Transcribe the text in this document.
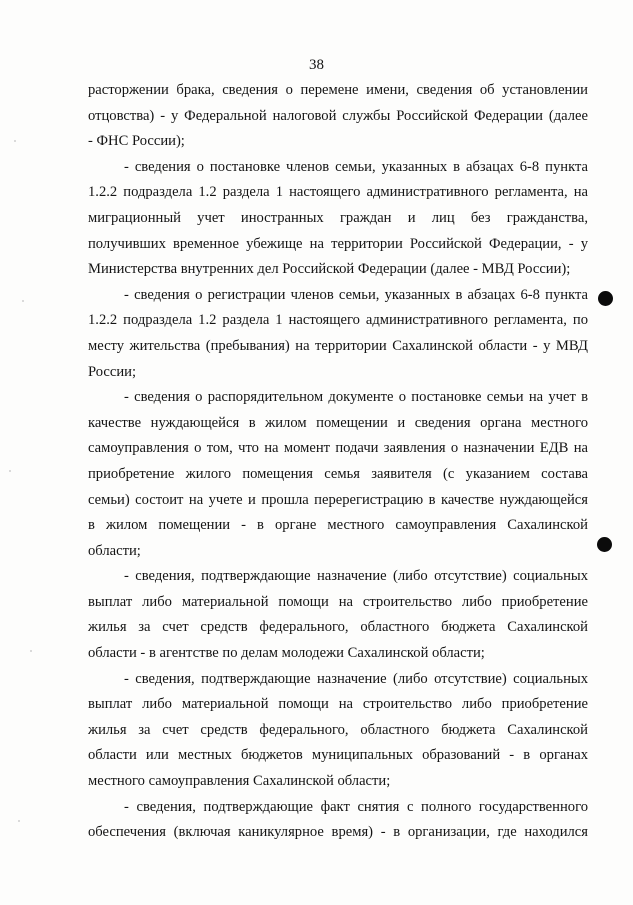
38

расторжении брака, сведения о перемене имени, сведения об установлении
отцовства) - у Федеральной налоговой службы Российской Федерации (далее
- ФНС России);

- сведения о постановке членов семьи, указанных в абзацах 6-8 пункта
1.2.2 подраздела 1.2 раздела 1 настоящего административного регламента, на
миграционный учет иностранных граждан и лиц без гражданства,
получивших временное убежище на территории Российской Федерации, - у
Министерства внутренних дел Российской Федерации (далее - МВД России);

- сведения о регистрации членов семьи, указанных в абзацах 6-8 пункта
1.2.2 подраздела 1.2 раздела 1 настоящего административного регламента, по
месту жительства (пребывания) на территории Сахалинской области - у МВД
России;

- сведения о распорядительном документе о постановке семьи на учет в
качестве нуждающейся в жилом помещении и сведения органа местного
самоуправления о том, что на момент подачи заявления о назначении ЕДВ на
приобретение жилого помещения семья заявителя (с указанием состава
семьи) состоит на учете и прошла перерегистрацию в качестве нуждающейся
в жилом помещении - в органе местного самоуправления Сахалинской
области;

- сведения, подтверждающие назначение (либо отсутствие) социальных
выплат либо материальной помощи на строительство либо приобретение
жилья за счет средств федерального, областного бюджета Сахалинской
области - в агентстве по делам молодежи Сахалинской области;

- сведения, подтверждающие назначение (либо отсутствие) социальных
выплат либо материальной помощи на строительство либо приобретение
жилья за счет средств федерального, областного бюджета Сахалинской
области или местных бюджетов муниципальных образований - в органах
местного самоуправления Сахалинской области;

- сведения, подтверждающие факт снятия с полного государственного
обеспечения (включая каникулярное время) - в организации, где находился
